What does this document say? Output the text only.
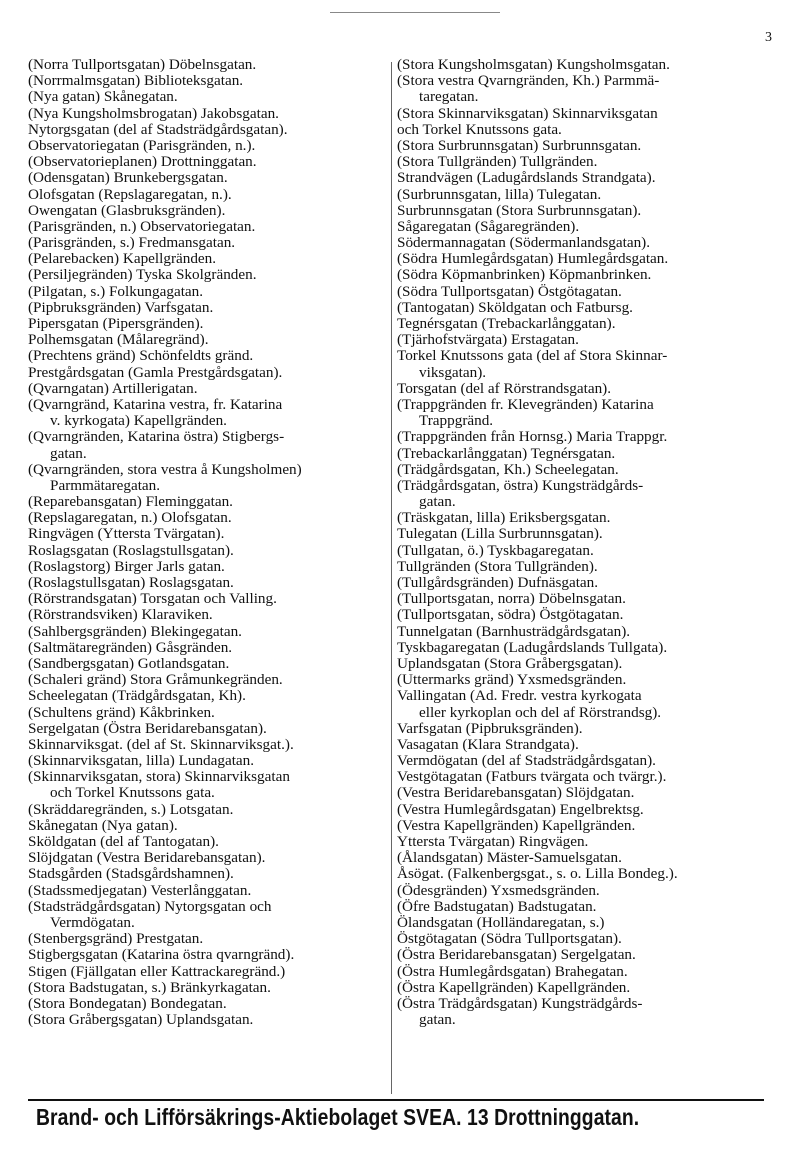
3
(Norra Tullportsgatan) Döbelnsgatan.
(Norrmalmsgatan) Biblioteksgatan.
(Nya gatan) Skånegatan.
(Nya Kungsholmsbrogatan) Jakobsgatan.
Nytorgsgatan (del af Stadsträdgårdsgatan).
Observatoriegatan (Parisgränden, n.).
(Observatorieplanen) Drottninggatan.
(Odensgatan) Brunkebergsgatan.
Olofsgatan (Repslagaregatan, n.).
Owengatan (Glasbruksgränden).
(Parisgränden, n.) Observatoriegatan.
(Parisgränden, s.) Fredmansgatan.
(Pelarebacken) Kapellgränden.
(Persiljegränden) Tyska Skolgränden.
(Pilgatan, s.) Folkungagatan.
(Pipbruksgränden) Varfsgatan.
Pipersgatan (Pipersgränden).
Polhemsgatan (Målaregränd).
(Prechtens gränd) Schönfeldts gränd.
Prestgårdsgatan (Gamla Prestgårdsgatan).
(Qvarngatan) Artillerigatan.
(Qvarngränd, Katarina vestra, fr. Katarina
v. kyrkogata) Kapellgränden.
(Qvarngränden, Katarina östra) Stigbergs-
gatan.
(Qvarngränden, stora vestra å Kungsholmen)
Parmmätaregatan.
(Reparebansgatan) Fleminggatan.
(Repslagaregatan, n.) Olofsgatan.
Ringvägen (Yttersta Tvärgatan).
Roslagsgatan (Roslagstullsgatan).
(Roslagstorg) Birger Jarls gatan.
(Roslagstullsgatan) Roslagsgatan.
(Rörstrandsgatan) Torsgatan och Valling.
(Rörstrandsviken) Klaraviken.
(Sahlbergsgränden) Blekingegatan.
(Saltmätaregränden) Gåsgränden.
(Sandbergsgatan) Gotlandsgatan.
(Schaleri gränd) Stora Gråmunkegränden.
Scheelegatan (Trädgårdsgatan, Kh).
(Schultens gränd) Kåkbrinken.
Sergelgatan (Östra Beridarebansgatan).
Skinnarviksgat. (del af St. Skinnarviksgat.).
(Skinnarviksgatan, lilla) Lundagatan.
(Skinnarviksgatan, stora) Skinnarviksgatan
och Torkel Knutssons gata.
(Skräddaregränden, s.) Lotsgatan.
Skånegatan (Nya gatan).
Sköldgatan (del af Tantogatan).
Slöjdgatan (Vestra Beridarebansgatan).
Stadsgården (Stadsgårdshamnen).
(Stadssmedjegatan) Vesterlånggatan.
(Stadsträdgårdsgatan) Nytorgsgatan och
Vermdögatan.
(Stenbergsgränd) Prestgatan.
Stigbergsgatan (Katarina östra qvarngränd).
Stigen (Fjällgatan eller Kattrackaregränd.)
(Stora Badstugatan, s.) Bränkyrkagatan.
(Stora Bondegatan) Bondegatan.
(Stora Gråbergsgatan) Uplandsgatan.
(Stora Kungsholmsgatan) Kungsholmsgatan.
(Stora vestra Qvarngränden, Kh.) Parmmä-
taregatan.
(Stora Skinnarviksgatan) Skinnarviksgatan
och Torkel Knutssons gata.
(Stora Surbrunnsgatan) Surbrunnsgatan.
(Stora Tullgränden) Tullgränden.
Strandvägen (Ladugårdslands Strandgata).
(Surbrunnsgatan, lilla) Tulegatan.
Surbrunnsgatan (Stora Surbrunnsgatan).
Sågaregatan (Sågaregränden).
Södermannagatan (Södermanlandsgatan).
(Södra Humlegårdsgatan) Humlegårdsgatan.
(Södra Köpmanbrinken) Köpmanbrinken.
(Södra Tullportsgatan) Östgötagatan.
(Tantogatan) Sköldgatan och Fatbursg.
Tegnérsgatan (Trebackarlånggatan).
(Tjärhofstvärgata) Erstagatan.
Torkel Knutssons gata (del af Stora Skinnar-
viksgatan).
Torsgatan (del af Rörstrandsgatan).
(Trappgränden fr. Klevegränden) Katarina
Trappgränd.
(Trappgränden från Hornsg.) Maria Trappgr.
(Trebackarlånggatan) Tegnérsgatan.
(Trädgårdsgatan, Kh.) Scheelegatan.
(Trädgårdsgatan, östra) Kungsträdgårds-
gatan.
(Träskgatan, lilla) Eriksbergsgatan.
Tulegatan (Lilla Surbrunnsgatan).
(Tullgatan, ö.) Tyskbagaregatan.
Tullgränden (Stora Tullgränden).
(Tullgårdsgränden) Dufnäsgatan.
(Tullportsgatan, norra) Döbelnsgatan.
(Tullportsgatan, södra) Östgötagatan.
Tunnelgatan (Barnhusträdgårdsgatan).
Tyskbagaregatan (Ladugårdslands Tullgata).
Uplandsgatan (Stora Gråbergsgatan).
(Uttermarks gränd) Yxsmedsgränden.
Vallingatan (Ad. Fredr. vestra kyrkogata
eller kyrkoplan och del af Rörstrandsg).
Varfsgatan (Pipbruksgränden).
Vasagatan (Klara Strandgata).
Vermdögatan (del af Stadsträdgårdsgatan).
Vestgötagatan (Fatburs tvärgata och tvärgr.).
(Vestra Beridarebansgatan) Slöjdgatan.
(Vestra Humlegårdsgatan) Engelbrektsg.
(Vestra Kapellgränden) Kapellgränden.
Yttersta Tvärgatan) Ringvägen.
(Ålandsgatan) Mäster-Samuelsgatan.
Åsögat. (Falkenbergsgat., s. o. Lilla Bondeg.).
(Ödesgränden) Yxsmedsgränden.
(Öfre Badstugatan) Badstugatan.
Ölandsgatan (Holländaregatan, s.)
Östgötagatan (Södra Tullportsgatan).
(Östra Beridarebansgatan) Sergelgatan.
(Östra Humlegårdsgatan) Brahegatan.
(Östra Kapellgränden) Kapellgränden.
(Östra Trädgårdsgatan) Kungsträdgårds-
gatan.
Brand- och Lifförsäkrings-Aktiebolaget SVEA. 13 Drottninggatan.
